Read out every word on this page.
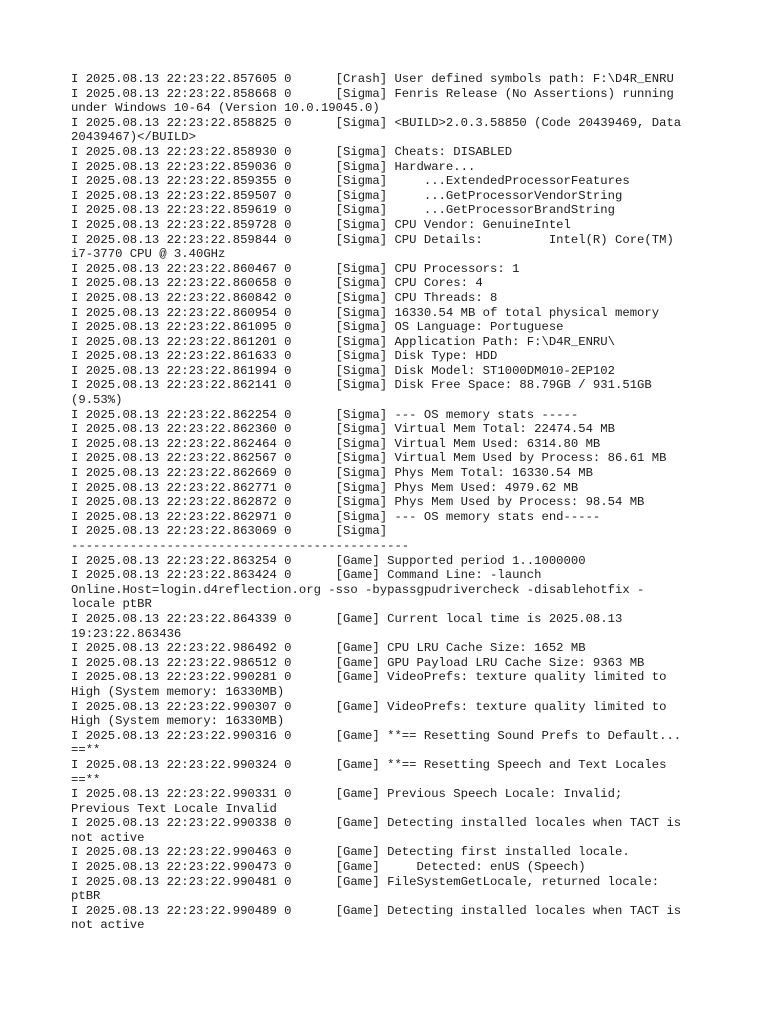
I 2025.08.13 22:23:22.857605 0      [Crash] User defined symbols path: F:\D4R_ENRU
I 2025.08.13 22:23:22.858668 0      [Sigma] Fenris Release (No Assertions) running
under Windows 10-64 (Version 10.0.19045.0)
I 2025.08.13 22:23:22.858825 0      [Sigma] <BUILD>2.0.3.58850 (Code 20439469, Data
20439467)</BUILD>
I 2025.08.13 22:23:22.858930 0      [Sigma] Cheats: DISABLED
I 2025.08.13 22:23:22.859036 0      [Sigma] Hardware...
I 2025.08.13 22:23:22.859355 0      [Sigma]     ...ExtendedProcessorFeatures
I 2025.08.13 22:23:22.859507 0      [Sigma]     ...GetProcessorVendorString
I 2025.08.13 22:23:22.859619 0      [Sigma]     ...GetProcessorBrandString
I 2025.08.13 22:23:22.859728 0      [Sigma] CPU Vendor: GenuineIntel
I 2025.08.13 22:23:22.859844 0      [Sigma] CPU Details:         Intel(R) Core(TM)
i7-3770 CPU @ 3.40GHz
I 2025.08.13 22:23:22.860467 0      [Sigma] CPU Processors: 1
I 2025.08.13 22:23:22.860658 0      [Sigma] CPU Cores: 4
I 2025.08.13 22:23:22.860842 0      [Sigma] CPU Threads: 8
I 2025.08.13 22:23:22.860954 0      [Sigma] 16330.54 MB of total physical memory
I 2025.08.13 22:23:22.861095 0      [Sigma] OS Language: Portuguese
I 2025.08.13 22:23:22.861201 0      [Sigma] Application Path: F:\D4R_ENRU\
I 2025.08.13 22:23:22.861633 0      [Sigma] Disk Type: HDD
I 2025.08.13 22:23:22.861994 0      [Sigma] Disk Model: ST1000DM010-2EP102
I 2025.08.13 22:23:22.862141 0      [Sigma] Disk Free Space: 88.79GB / 931.51GB
(9.53%)
I 2025.08.13 22:23:22.862254 0      [Sigma] --- OS memory stats -----
I 2025.08.13 22:23:22.862360 0      [Sigma] Virtual Mem Total: 22474.54 MB
I 2025.08.13 22:23:22.862464 0      [Sigma] Virtual Mem Used: 6314.80 MB
I 2025.08.13 22:23:22.862567 0      [Sigma] Virtual Mem Used by Process: 86.61 MB
I 2025.08.13 22:23:22.862669 0      [Sigma] Phys Mem Total: 16330.54 MB
I 2025.08.13 22:23:22.862771 0      [Sigma] Phys Mem Used: 4979.62 MB
I 2025.08.13 22:23:22.862872 0      [Sigma] Phys Mem Used by Process: 98.54 MB
I 2025.08.13 22:23:22.862971 0      [Sigma] --- OS memory stats end-----
I 2025.08.13 22:23:22.863069 0      [Sigma]
----------------------------------------------
I 2025.08.13 22:23:22.863254 0      [Game] Supported period 1..1000000
I 2025.08.13 22:23:22.863424 0      [Game] Command Line: -launch
Online.Host=login.d4reflection.org -sso -bypassgpudrivercheck -disablehotfix -
locale ptBR
I 2025.08.13 22:23:22.864339 0      [Game] Current local time is 2025.08.13
19:23:22.863436
I 2025.08.13 22:23:22.986492 0      [Game] CPU LRU Cache Size: 1652 MB
I 2025.08.13 22:23:22.986512 0      [Game] GPU Payload LRU Cache Size: 9363 MB
I 2025.08.13 22:23:22.990281 0      [Game] VideoPrefs: texture quality limited to
High (System memory: 16330MB)
I 2025.08.13 22:23:22.990307 0      [Game] VideoPrefs: texture quality limited to
High (System memory: 16330MB)
I 2025.08.13 22:23:22.990316 0      [Game] **== Resetting Sound Prefs to Default...
==**
I 2025.08.13 22:23:22.990324 0      [Game] **== Resetting Speech and Text Locales
==**
I 2025.08.13 22:23:22.990331 0      [Game] Previous Speech Locale: Invalid;
Previous Text Locale Invalid
I 2025.08.13 22:23:22.990338 0      [Game] Detecting installed locales when TACT is
not active
I 2025.08.13 22:23:22.990463 0      [Game] Detecting first installed locale.
I 2025.08.13 22:23:22.990473 0      [Game]     Detected: enUS (Speech)
I 2025.08.13 22:23:22.990481 0      [Game] FileSystemGetLocale, returned locale:
ptBR
I 2025.08.13 22:23:22.990489 0      [Game] Detecting installed locales when TACT is
not active
